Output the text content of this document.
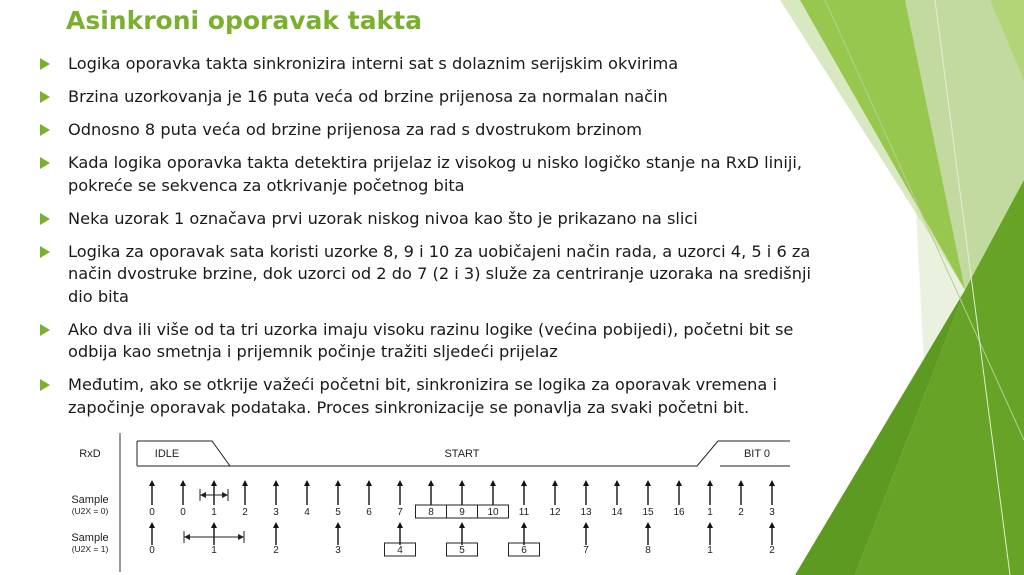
Asinkroni oporavak takta
Logika oporavka takta sinkronizira interni sat s dolaznim serijskim okvirima
Brzina uzorkovanja je 16 puta veća od brzine prijenosa za normalan način
Odnosno 8 puta veća od brzine prijenosa za rad s dvostrukom brzinom
Kada logika oporavka takta detektira prijelaz iz visokog u nisko logičko stanje na RxD liniji, pokreće se sekvenca za otkrivanje početnog bita
Neka uzorak 1 označava prvi uzorak niskog nivoa kao što je prikazano na slici
Logika za oporavak sata koristi uzorke 8, 9 i 10 za uobičajeni način rada, a uzorci 4, 5 i 6 za način dvostruke brzine, dok uzorci od 2 do 7 (2 i 3) služe za centriranje uzoraka na središnji dio bita
Ako dva ili više od ta tri uzorka imaju visoku razinu logike (većina pobijedi), početni bit se odbija kao smetnja i prijemnik počinje tražiti sljedeći prijelaz
Međutim, ako se otkrije važeći početni bit, sinkronizira se logika za oporavak vremena i započinje oporavak podataka. Proces sinkronizacije se ponavlja za svaki početni bit.
RxD	IDLE	START	BIT 0
Sample
(U2X = 0)
Sample
(U2X = 1)
0	0	1	2	3	4	5	6	7	8	9 10 11 12 13 14 15 16 1	2	3
0	1	2	3	4	5	6	7	8	1	2
